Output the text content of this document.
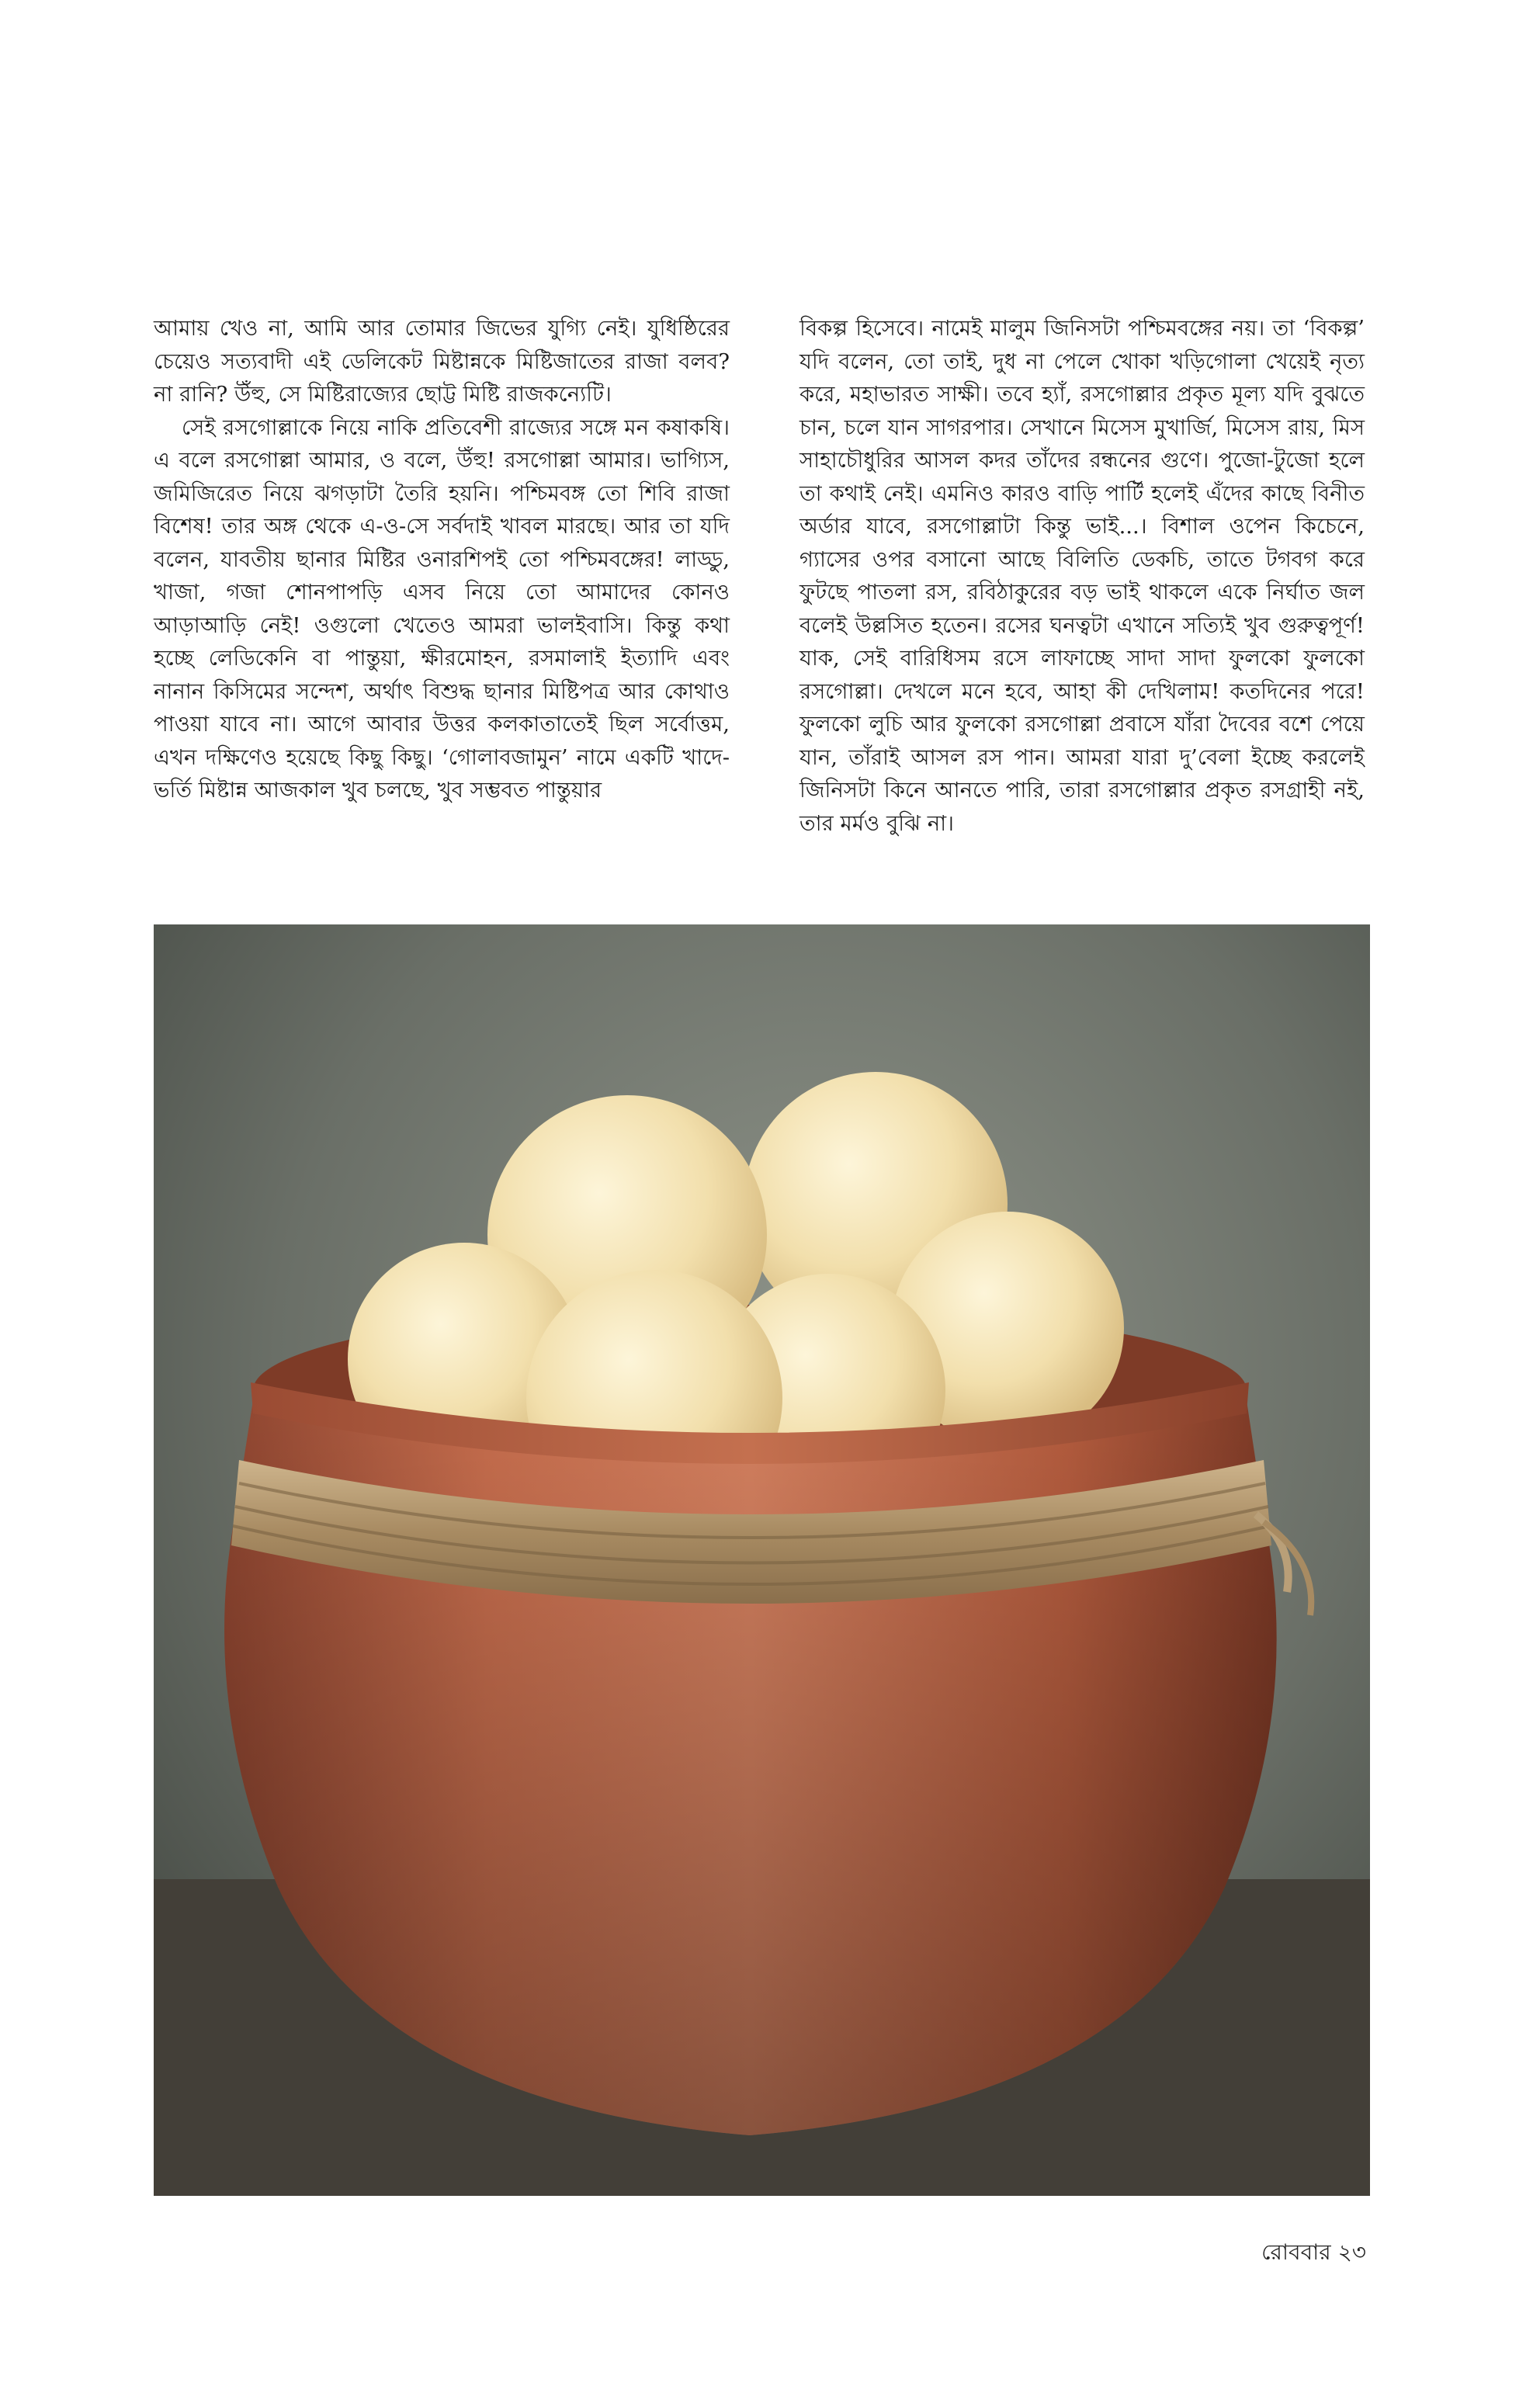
আমায় খেও না, আমি আর তোমার জিভের যুগ্যি নেই। যুধিষ্ঠিরের চেয়েও সত্যবাদী এই ডেলিকেট মিষ্টান্নকে মিষ্টিজাতের রাজা বলব? না রানি? উঁহু, সে মিষ্টিরাজ্যের ছোট্ট মিষ্টি রাজকন্যেটি।

সেই রসগোল্লাকে নিয়ে নাকি প্রতিবেশী রাজ্যের সঙ্গে মন কষাকষি। এ বলে রসগোল্লা আমার, ও বলে, উঁহু! রসগোল্লা আমার। ভাগ্যিস, জমিজিরেত নিয়ে ঝগড়াটা তৈরি হয়নি। পশ্চিমবঙ্গ তো শিবি রাজা বিশেষ! তার অঙ্গ থেকে এ-ও-সে সর্বদাই খাবল মারছে। আর তা যদি বলেন, যাবতীয় ছানার মিষ্টির ওনারশিপই তো পশ্চিমবঙ্গের! লাড্ডু, খাজা, গজা শোনপাপড়ি এসব নিয়ে তো আমাদের কোনও আড়াআড়ি নেই! ওগুলো খেতেও আমরা ভালইবাসি। কিন্তু কথা হচ্ছে লেডিকেনি বা পান্তুয়া, ক্ষীরমোহন, রসমালাই ইত্যাদি এবং নানান কিসিমের সন্দেশ, অর্থাৎ বিশুদ্ধ ছানার মিষ্টিপত্র আর কোথাও পাওয়া যাবে না। আগে আবার উত্তর কলকাতাতেই ছিল সর্বোত্তম, এখন দক্ষিণেও হয়েছে কিছু কিছু। ‘গোলাবজামুন’ নামে একটি খাদে-ভর্তি মিষ্টান্ন আজকাল খুব চলছে, খুব সম্ভবত পান্তুয়ার

বিকল্প হিসেবে। নামেই মালুম জিনিসটা পশ্চিমবঙ্গের নয়। তা ‘বিকল্প’ যদি বলেন, তো তাই, দুধ না পেলে খোকা খড়িগোলা খেয়েই নৃত্য করে, মহাভারত সাক্ষী। তবে হ্যাঁ, রসগোল্লার প্রকৃত মূল্য যদি বুঝতে চান, চলে যান সাগরপার। সেখানে মিসেস মুখার্জি, মিসেস রায়, মিস সাহাচৌধুরির আসল কদর তাঁদের রন্ধনের গুণে। পুজো-টুজো হলে তা কথাই নেই। এমনিও কারও বাড়ি পার্টি হলেই এঁদের কাছে বিনীত অর্ডার যাবে, রসগোল্লাটা কিন্তু ভাই...। বিশাল ওপেন কিচেনে, গ্যাসের ওপর বসানো আছে বিলিতি ডেকচি, তাতে টগবগ করে ফুটছে পাতলা রস, রবিঠাকুরের বড় ভাই থাকলে একে নির্ঘাত জল বলেই উল্লসিত হতেন। রসের ঘনত্বটা এখানে সত্যিই খুব গুরুত্বপূর্ণ! যাক, সেই বারিধিসম রসে লাফাচ্ছে সাদা সাদা ফুলকো ফুলকো রসগোল্লা। দেখলে মনে হবে, আহা কী দেখিলাম! কতদিনের পরে! ফুলকো লুচি আর ফুলকো রসগোল্লা প্রবাসে যাঁরা দৈবের বশে পেয়ে যান, তাঁরাই আসল রস পান। আমরা যারা দু’বেলা ইচ্ছে করলেই জিনিসটা কিনে আনতে পারি, তারা রসগোল্লার প্রকৃত রসগ্রাহী নই, তার মর্মও বুঝি না।

রোববার ২৩
